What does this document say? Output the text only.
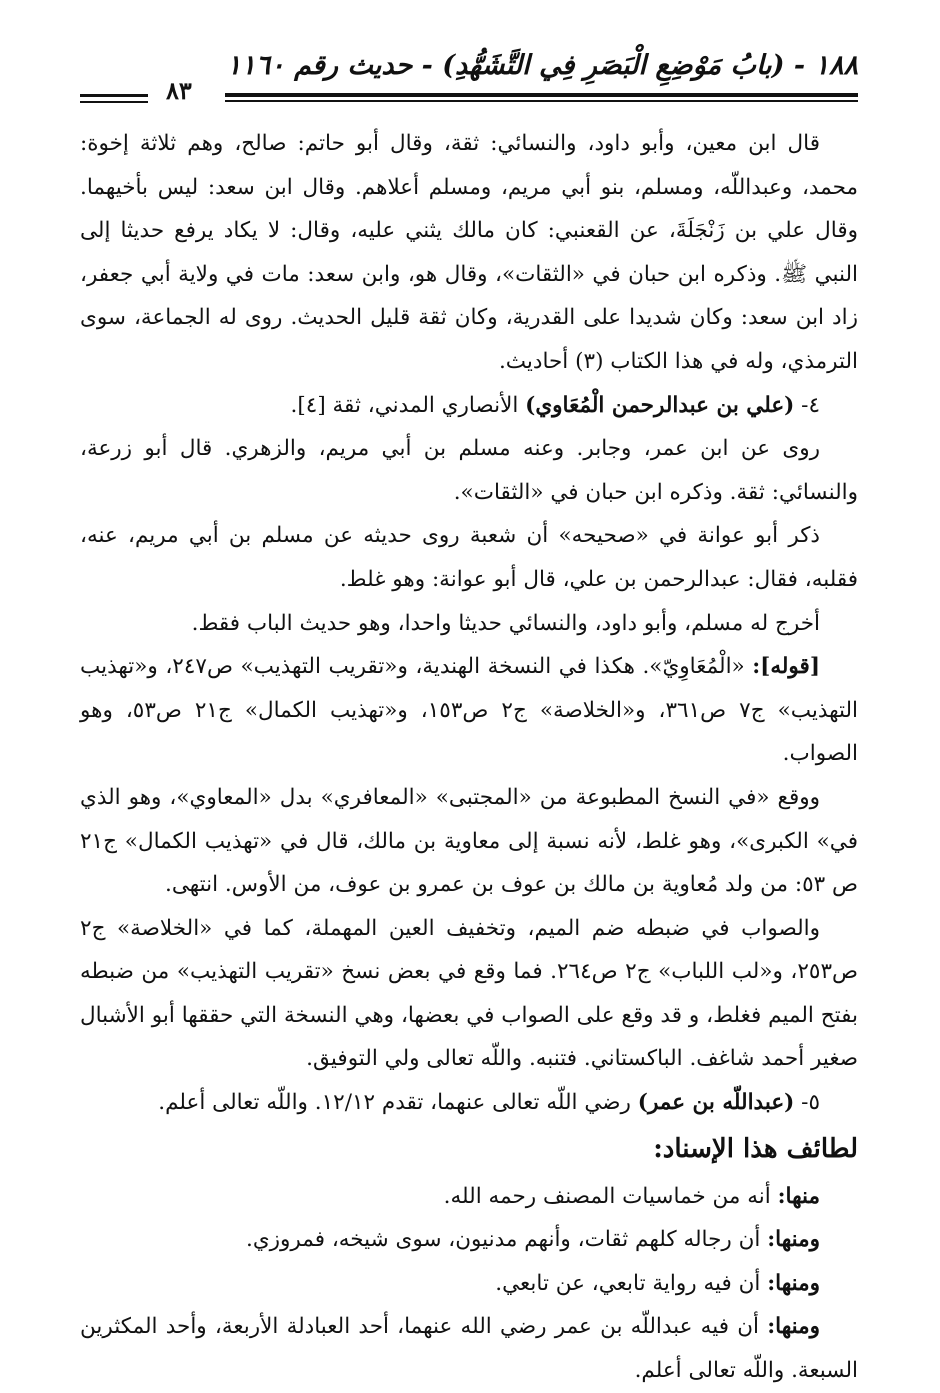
١٨٨ - (بابُ مَوْضِعِ الْبَصَرِ فِي التَّشَهُّدِ) - حديث رقم ١١٦٠
٨٣

قال ابن معين، وأبو داود، والنسائي: ثقة، وقال أبو حاتم: صالح، وهم ثلاثة إخوة: محمد، وعبداللّه، ومسلم، بنو أبي مريم، ومسلم أعلاهم. وقال ابن سعد: ليس بأخيهما. وقال علي بن زَنْجَلَةَ، عن القعنبي: كان مالك يثني عليه، وقال: لا يكاد يرفع حديثا إلى النبي ﷺ. وذكره ابن حبان في «الثقات»، وقال هو، وابن سعد: مات في ولاية أبي جعفر، زاد ابن سعد: وكان شديدا على القدرية، وكان ثقة قليل الحديث. روى له الجماعة، سوى الترمذي، وله في هذا الكتاب (٣) أحاديث.

٤- (علي بن عبدالرحمن الْمُعَاوي) الأنصاري المدني، ثقة [٤].

روى عن ابن عمر، وجابر. وعنه مسلم بن أبي مريم، والزهري. قال أبو زرعة، والنسائي: ثقة. وذكره ابن حبان في «الثقات».

ذكر أبو عوانة في «صحيحه» أن شعبة روى حديثه عن مسلم بن أبي مريم، عنه، فقلبه، فقال: عبدالرحمن بن علي، قال أبو عوانة: وهو غلط.

أخرج له مسلم، وأبو داود، والنسائي حديثا واحدا، وهو حديث الباب فقط.

[قوله]: «الْمُعَاوِيّ». هكذا في النسخة الهندية، و«تقريب التهذيب» ص٢٤٧، و«تهذيب التهذيب» ج٧ ص٣٦١، و«الخلاصة» ج٢ ص١٥٣، و«تهذيب الكمال» ج٢١ ص٥٣، وهو الصواب.

ووقع «في النسخ المطبوعة من «المجتبى» «المعافري» بدل «المعاوي»، وهو الذي في» الكبرى»، وهو غلط، لأنه نسبة إلى معاوية بن مالك، قال في «تهذيب الكمال» ج٢١ ص ٥٣: من ولد مُعاوية بن مالك بن عوف بن عمرو بن عوف، من الأوس. انتهى.

والصواب في ضبطه ضم الميم، وتخفيف العين المهملة، كما في «الخلاصة» ج٢ ص٢٥٣، و«لب اللباب» ج٢ ص٢٦٤. فما وقع في بعض نسخ «تقريب التهذيب» من ضبطه بفتح الميم فغلط، و قد وقع على الصواب في بعضها، وهي النسخة التي حققها أبو الأشبال صغير أحمد شاغف. الباكستاني. فتنبه. واللّه تعالى ولي التوفيق.

٥- (عبداللّه بن عمر) رضي اللّه تعالى عنهما، تقدم ١٢/١٢. واللّه تعالى أعلم.

لطائف هذا الإسناد:

منها: أنه من خماسيات المصنف رحمه الله.

ومنها: أن رجاله كلهم ثقات، وأنهم مدنيون، سوى شيخه، فمروزي.

ومنها: أن فيه رواية تابعي، عن تابعي.

ومنها: أن فيه عبداللّه بن عمر رضي الله عنهما، أحد العبادلة الأربعة، وأحد المكثرين السبعة. واللّه تعالى أعلم.
